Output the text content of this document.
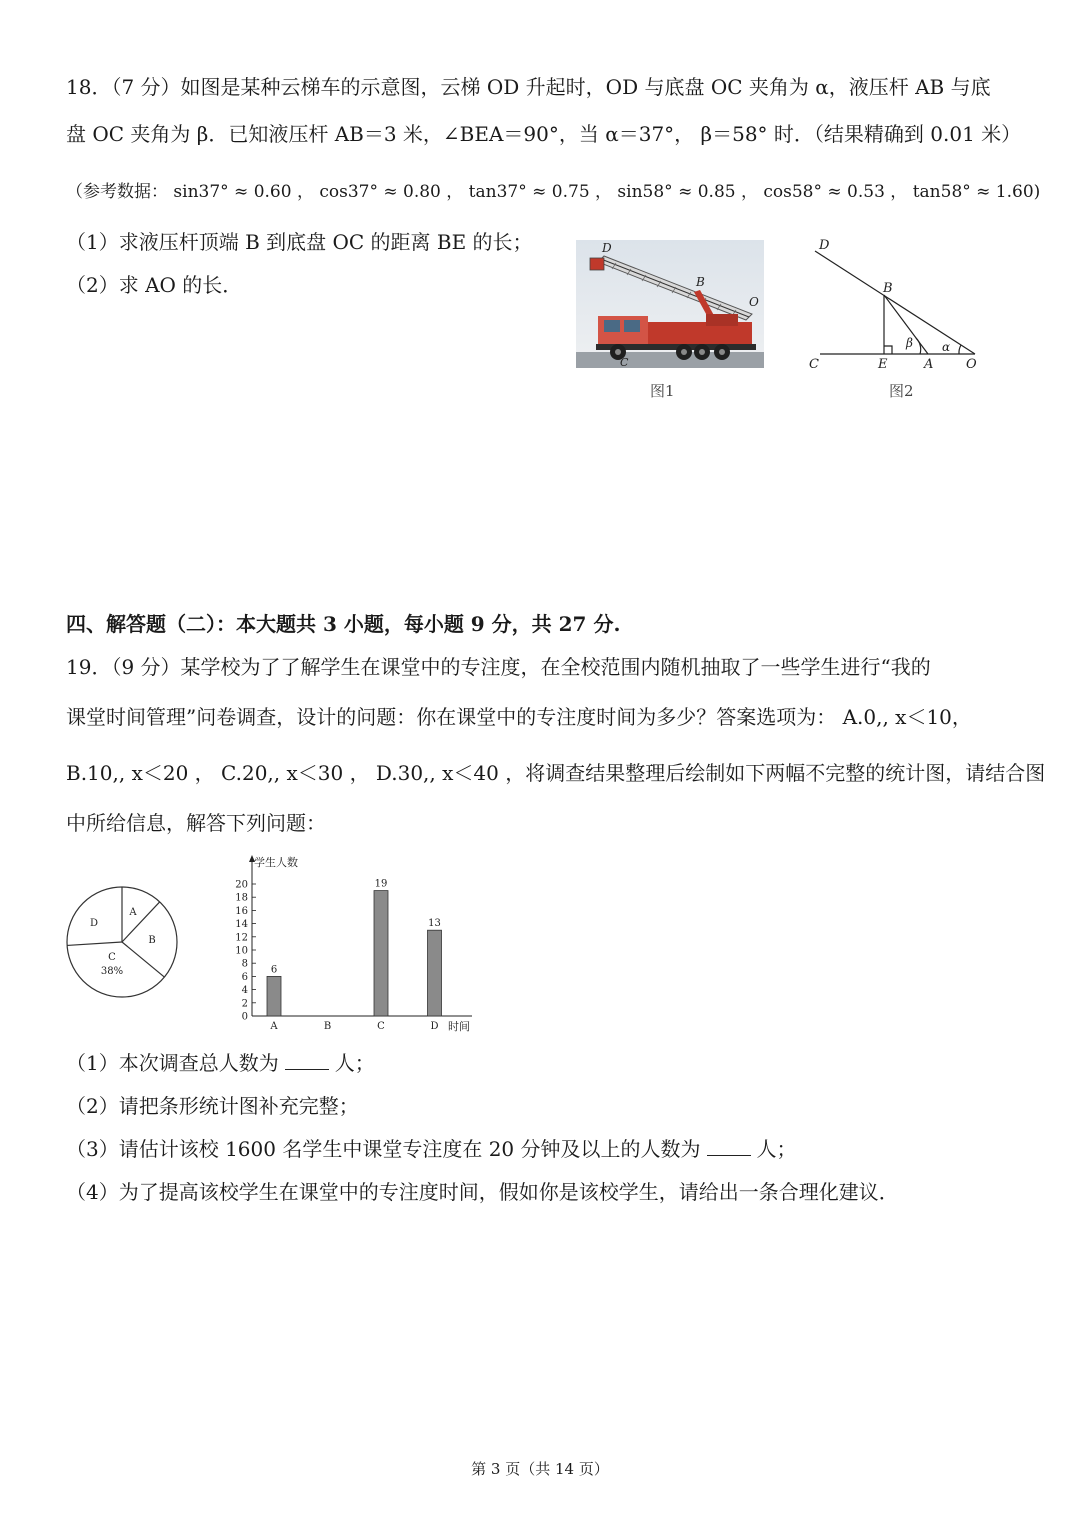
18．（7 分）如图是某种云梯车的示意图，云梯 OD 升起时，OD 与底盘 OC 夹角为 α，液压杆 AB 与底
盘 OC 夹角为 β．已知液压杆 AB＝3 米，∠BEA＝90°，当 α＝37°， β＝58° 时．（结果精确到 0.01 米）
（参考数据： sin37° ≈ 0.60 ， cos37° ≈ 0.80 ， tan37° ≈ 0.75 ， sin58° ≈ 0.85 ， cos58° ≈ 0.53 ， tan58° ≈ 1.60)
（1）求液压杆顶端 B 到底盘 OC 的距离 BE 的长；
（2）求 AO 的长．
D
B
O
C
图1
D
B
C	E	A	O
β α
图2
四、解答题（二）：本大题共 3 小题，每小题 9 分，共 27 分.
19．（9 分）某学校为了了解学生在课堂中的专注度，在全校范围内随机抽取了一些学生进行“我的
课堂时间管理”问卷调查，设计的问题：你在课堂中的专注度时间为多少？答案选项为： A.0,, x＜10，
B.10,, x＜20 ， C.20,, x＜30 ， D.30,, x＜40 ，将调查结果整理后绘制如下两幅不完整的统计图，请结合图
中所给信息，解答下列问题：
A
B
D
C
38%
0
2
4
6
8
10
12
14
16
18
20
6
19
13
A	B	C	D
学生人数
时间
（1）本次调查总人数为	人；
（2）请把条形统计图补充完整；
（3）请估计该校 1600 名学生中课堂专注度在 20 分钟及以上的人数为	人；
（4）为了提高该校学生在课堂中的专注度时间，假如你是该校学生，请给出一条合理化建议．
第 3 页（共 14 页）
